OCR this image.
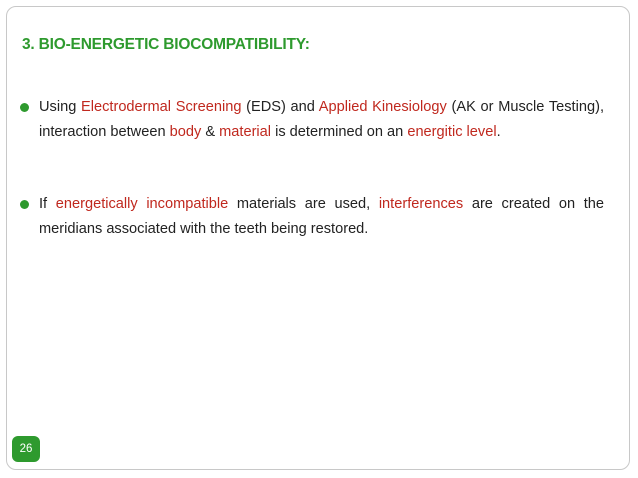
3. BIO-ENERGETIC BIOCOMPATIBILITY:
Using Electrodermal Screening (EDS) and Applied Kinesiology (AK or Muscle Testing), interaction between body & material is determined on an energitic level.
If energetically incompatible materials are used, interferences are created on the meridians associated with the teeth being restored.
26
